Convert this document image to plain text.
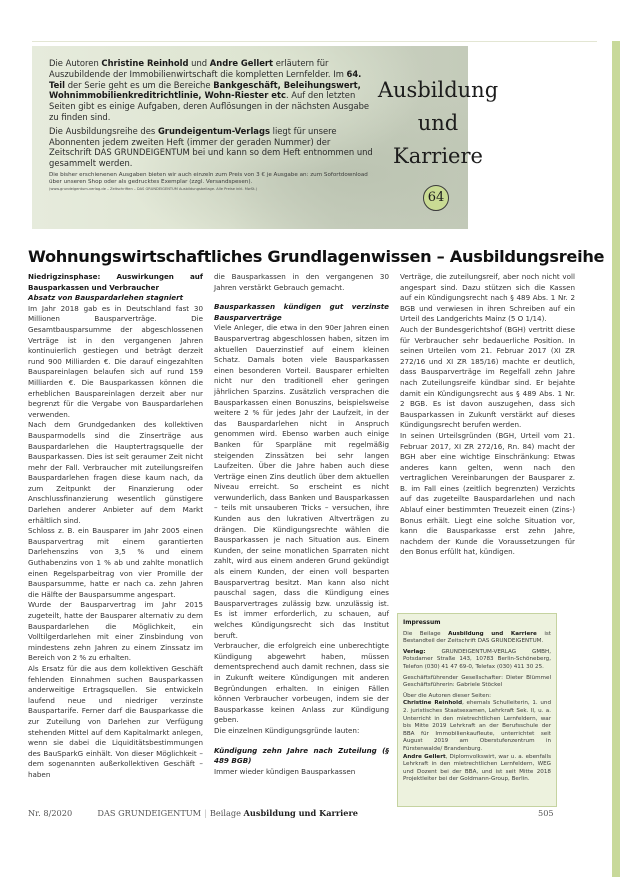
Die Autoren Christine Reinhold und Andre Gellert erläutern für Auszubildende der Immobilienwirtschaft die kompletten Lernfelder. Im 64. Teil der Serie geht es um die Bereiche Bankgeschäft, Beleihungswert, Wohnimmobilienkreditrichtlinie, Wohn-Riester etc. Auf den letzten Seiten gibt es einige Aufgaben, deren Auflösungen in der nächsten Ausgabe zu finden sind.

Die Ausbildungsreihe des Grundeigentum-Verlags liegt für unsere Abonnenten jedem zweiten Heft (immer der geraden Nummer) der Zeitschrift DAS GRUNDEIGENTUM bei und kann so dem Heft entnommen und gesammelt werden.

Die bisher erschienenen Ausgaben bieten wir auch einzeln zum Preis von 3 € je Ausgabe an: zum Sofortdownload über unseren Shop oder als gedrucktes Exemplar (zzgl. Versandspesen).
(www.grundeigentum-verlag.de – Zeitschriften – DAS GRUNDEIGENTUM Ausbildungsbeilage. Alle Preise inkl. MwSt.)
Ausbildung
und
Karriere
64
Wohnungswirtschaftliches Grundlagenwissen – Ausbildungsreihe
Niedrigzinsphase: Auswirkungen auf Bausparkassen und Verbraucher
Absatz von Bauspardarlehen stagniert

Im Jahr 2018 gab es in Deutschland fast 30 Millionen Bausparverträge. Die Gesamtbausparsumme der abgeschlossenen Verträge ist in den vergangenen Jahren kontinuierlich gestiegen und beträgt derzeit rund 900 Milliarden €. Die darauf eingezahlten Bauspareinlagen belaufen sich auf rund 159 Milliarden €. Die Bausparkassen können die erheblichen Bauspareinlagen derzeit aber nur begrenzt für die Vergabe von Bauspardarlehen verwenden.

Nach dem Grundgedanken des kollektiven Bausparmodells sind die Zinserträge aus Bauspardarlehen die Hauptertragsquelle der Bausparkassen. Dies ist seit geraumer Zeit nicht mehr der Fall. Verbraucher mit zuteilungsreifen Bauspardarlehen fragen diese kaum nach, da zum Zeitpunkt der Finanzierung oder Anschlussfinanzierung wesentlich günstigere Darlehen anderer Anbieter auf dem Markt erhältlich sind.

Schloss z. B. ein Bausparer im Jahr 2005 einen Bausparvertrag mit einem garantierten Darlehenszins von 3,5 % und einem Guthabenzins von 1 % ab und zahlte monatlich einen Regelsparbeitrag von vier Promille der Bausparsumme, hatte er nach ca. zehn Jahren die Hälfte der Bausparsumme angespart.

Wurde der Bausparvertrag im Jahr 2015 zugeteilt, hatte der Bausparer alternativ zu dem Bauspardarlehen die Möglichkeit, ein Volltilgerdarlehen mit einer Zinsbindung von mindestens zehn Jahren zu einem Zinssatz im Bereich von 2 % zu erhalten.

Als Ersatz für die aus dem kollektiven Geschäft fehlenden Einnahmen suchen Bausparkassen anderweitige Ertragsquellen. Sie entwickeln laufend neue und niedriger verzinste Bauspartarife. Ferner darf die Bausparkasse die zur Zuteilung von Darlehen zur Verfügung stehenden Mittel auf dem Kapitalmarkt anlegen, wenn sie dabei die Liquiditätsbestimmungen des BauSparkG einhält. Von dieser Möglichkeit – dem sogenannten außerkollektiven Geschäft – haben

die Bausparkassen in den vergangenen 30 Jahren verstärkt Gebrauch gemacht.

Bausparkassen kündigen gut verzinste Bausparverträge

Viele Anleger, die etwa in den 90er Jahren einen Bausparvertrag abgeschlossen haben, sitzen im aktuellen Dauerzinstief auf einem kleinen Schatz. Damals boten viele Bausparkassen einen besonderen Vorteil. Bausparer erhielten nicht nur den traditionell eher geringen jährlichen Sparzins. Zusätzlich versprachen die Bausparkassen einen Bonuszins, beispielsweise weitere 2 % für jedes Jahr der Laufzeit, in der das Bauspardarlehen nicht in Anspruch genommen wird. Ebenso warben auch einige Banken für Sparpläne mit regelmäßig steigenden Zinssätzen bei sehr langen Laufzeiten. Über die Jahre haben auch diese Verträge einen Zins deutlich über dem aktuellen Niveau erreicht. So erscheint es nicht verwunderlich, dass Banken und Bausparkassen – teils mit unsauberen Tricks – versuchen, ihre Kunden aus den lukrativen Altverträgen zu drängen. Die Kündigungsrechte wählen die Bausparkassen je nach Situation aus. Einem Kunden, der seine monatlichen Sparraten nicht zahlt, wird aus einem anderen Grund gekündigt als einem Kunden, der einen voll besparten Bausparvertrag besitzt. Man kann also nicht pauschal sagen, dass die Kündigung eines Bausparvertrages zulässig bzw. unzulässig ist. Es ist immer erforderlich, zu schauen, auf welches Kündigungsrecht sich das Institut beruft.

Verbraucher, die erfolgreich eine unberechtigte Kündigung abgewehrt haben, müssen dementsprechend auch damit rechnen, dass sie in Zukunft weitere Kündigungen mit anderen Begründungen erhalten. In einigen Fällen können Verbraucher vorbeugen, indem sie der Bausparkasse keinen Anlass zur Kündigung geben.

Die einzelnen Kündigungsgründe lauten:

Kündigung zehn Jahre nach Zuteilung (§ 489 BGB)

Immer wieder kündigen Bausparkassen

Verträge, die zuteilungsreif, aber noch nicht voll angespart sind. Dazu stützen sich die Kassen auf ein Kündigungsrecht nach § 489 Abs. 1 Nr. 2 BGB und verwiesen in ihren Schreiben auf ein Urteil des Landgerichts Mainz (5 O 1/14).

Auch der Bundesgerichtshof (BGH) vertritt diese für Verbraucher sehr bedauerliche Position. In seinen Urteilen vom 21. Februar 2017 (XI ZR 272/16 und XI ZR 185/16) machte er deutlich, dass Bausparverträge im Regelfall zehn Jahre nach Zuteilungsreife kündbar sind. Er bejahte damit ein Kündigungsrecht aus § 489 Abs. 1 Nr. 2 BGB. Es ist davon auszugehen, dass sich Bausparkassen in Zukunft verstärkt auf dieses Kündigungsrecht berufen werden.

In seinen Urteilsgründen (BGH, Urteil vom 21. Februar 2017, XI ZR 272/16, Rn. 84) macht der BGH aber eine wichtige Einschränkung: Etwas anderes kann gelten, wenn nach den vertraglichen Vereinbarungen der Bausparer z. B. im Fall eines (zeitlich begrenzten) Verzichts auf das zugeteilte Bauspardarlehen und nach Ablauf einer bestimmten Treuezeit einen (Zins-) Bonus erhält. Liegt eine solche Situation vor, kann die Bausparkasse erst zehn Jahre, nachdem der Kunde die Voraussetzungen für den Bonus erfüllt hat, kündigen.

Impressum

Die Beilage Ausbildung und Karriere ist Bestandteil der Zeitschrift DAS GRUNDEIGENTUM.

Verlag: GRUNDEIGENTUM-VERLAG GMBH, Potsdamer Straße 143, 10783 Berlin-Schöneberg, Telefon (030) 41 47 69-0, Telefax (030) 411 30 25.

Geschäftsführender Gesellschafter: Dieter Blümmel Geschäftsführerin: Gabriele Stöckel

Über die Autoren dieser Seiten:
Christine Reinhold, ehemals Schulleiterin, 1. und 2. juristisches Staatsexamen, Lehrkraft Sek. II, u. a. Unterricht in den mietrechtlichen Lernfeldern, war bis Mitte 2019 Lehrkraft an der Berufsschule der BBA für Immobilienkaufleute, unterrichtet seit August 2019 am Oberstufenzentrum in Fürstenwalde/ Brandenburg.
Andre Gellert, Diplomvolkswirt, war u. a. ebenfalls Lehrkraft in den mietrechtlichen Lernfeldern, WEG und Dozent bei der BBA, und ist seit Mitte 2018 Projektleiter bei der Goldmann-Group, Berlin.

Nr. 8/2020	DAS GRUNDEIGENTUM | Beilage Ausbildung und Karriere	505
